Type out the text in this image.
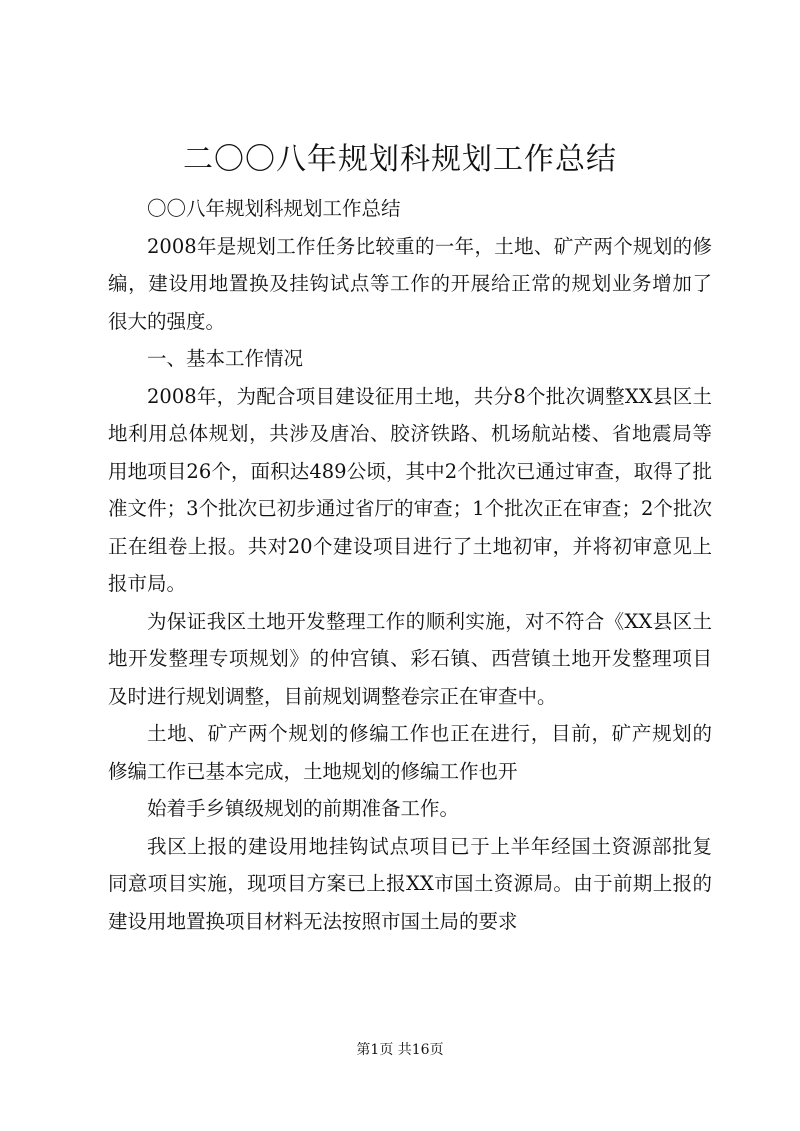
二〇〇八年规划科规划工作总结

〇〇八年规划科规划工作总结

2008年是规划工作任务比较重的一年，土地、矿产两个规划的修编，建设用地置换及挂钩试点等工作的开展给正常的规划业务增加了很大的强度。

一、基本工作情况

2008年，为配合项目建设征用土地，共分8个批次调整XX县区土地利用总体规划，共涉及唐冶、胶济铁路、机场航站楼、省地震局等用地项目26个，面积达489公顷，其中2个批次已通过审查，取得了批准文件；3个批次已初步通过省厅的审查；1个批次正在审查；2个批次正在组卷上报。共对20个建设项目进行了土地初审，并将初审意见上报市局。

为保证我区土地开发整理工作的顺利实施，对不符合《XX县区土地开发整理专项规划》的仲宫镇、彩石镇、西营镇土地开发整理项目及时进行规划调整，目前规划调整卷宗正在审查中。

土地、矿产两个规划的修编工作也正在进行，目前，矿产规划的修编工作已基本完成，土地规划的修编工作也开

始着手乡镇级规划的前期准备工作。

我区上报的建设用地挂钩试点项目已于上半年经国土资源部批复同意项目实施，现项目方案已上报XX市国土资源局。由于前期上报的建设用地置换项目材料无法按照市国土局的要求

第1页 共16页
